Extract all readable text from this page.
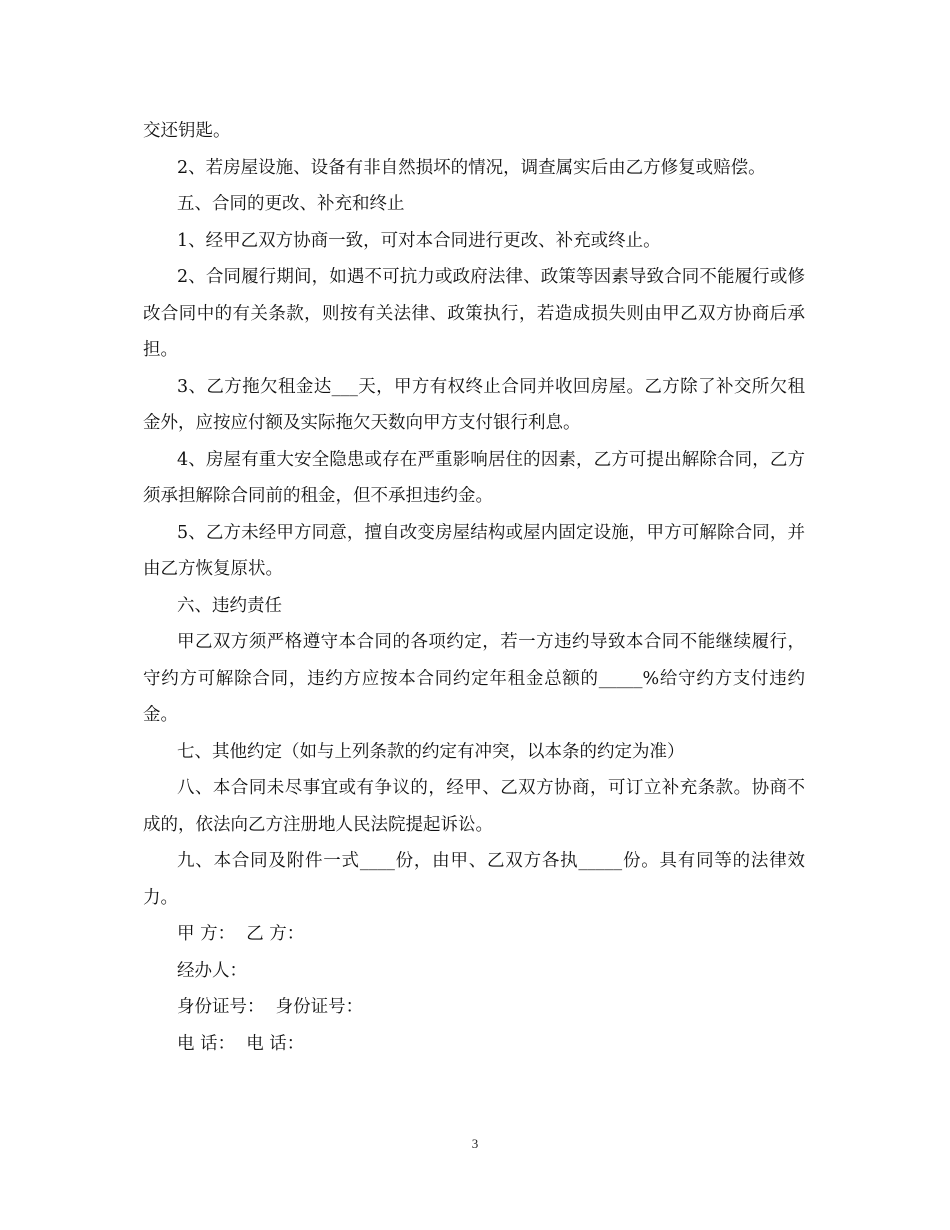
交还钥匙。

2、若房屋设施、设备有非自然损坏的情况，调查属实后由乙方修复或赔偿。

五、合同的更改、补充和终止

1、经甲乙双方协商一致，可对本合同进行更改、补充或终止。

2、合同履行期间，如遇不可抗力或政府法律、政策等因素导致合同不能履行或修改合同中的有关条款，则按有关法律、政策执行，若造成损失则由甲乙双方协商后承担。

3、乙方拖欠租金达___天，甲方有权终止合同并收回房屋。乙方除了补交所欠租金外，应按应付额及实际拖欠天数向甲方支付银行利息。

4、房屋有重大安全隐患或存在严重影响居住的因素，乙方可提出解除合同，乙方须承担解除合同前的租金，但不承担违约金。

5、乙方未经甲方同意，擅自改变房屋结构或屋内固定设施，甲方可解除合同，并由乙方恢复原状。

六、违约责任

甲乙双方须严格遵守本合同的各项约定，若一方违约导致本合同不能继续履行，守约方可解除合同，违约方应按本合同约定年租金总额的_____%给守约方支付违约金。

七、其他约定（如与上列条款的约定有冲突，以本条的约定为准）

八、本合同未尽事宜或有争议的，经甲、乙双方协商，可订立补充条款。协商不成的，依法向乙方注册地人民法院提起诉讼。

九、本合同及附件一式____份，由甲、乙双方各执_____份。具有同等的法律效力。

甲 方：  乙 方：

经办人：

身份证号：  身份证号：

电 话：  电 话：

3
